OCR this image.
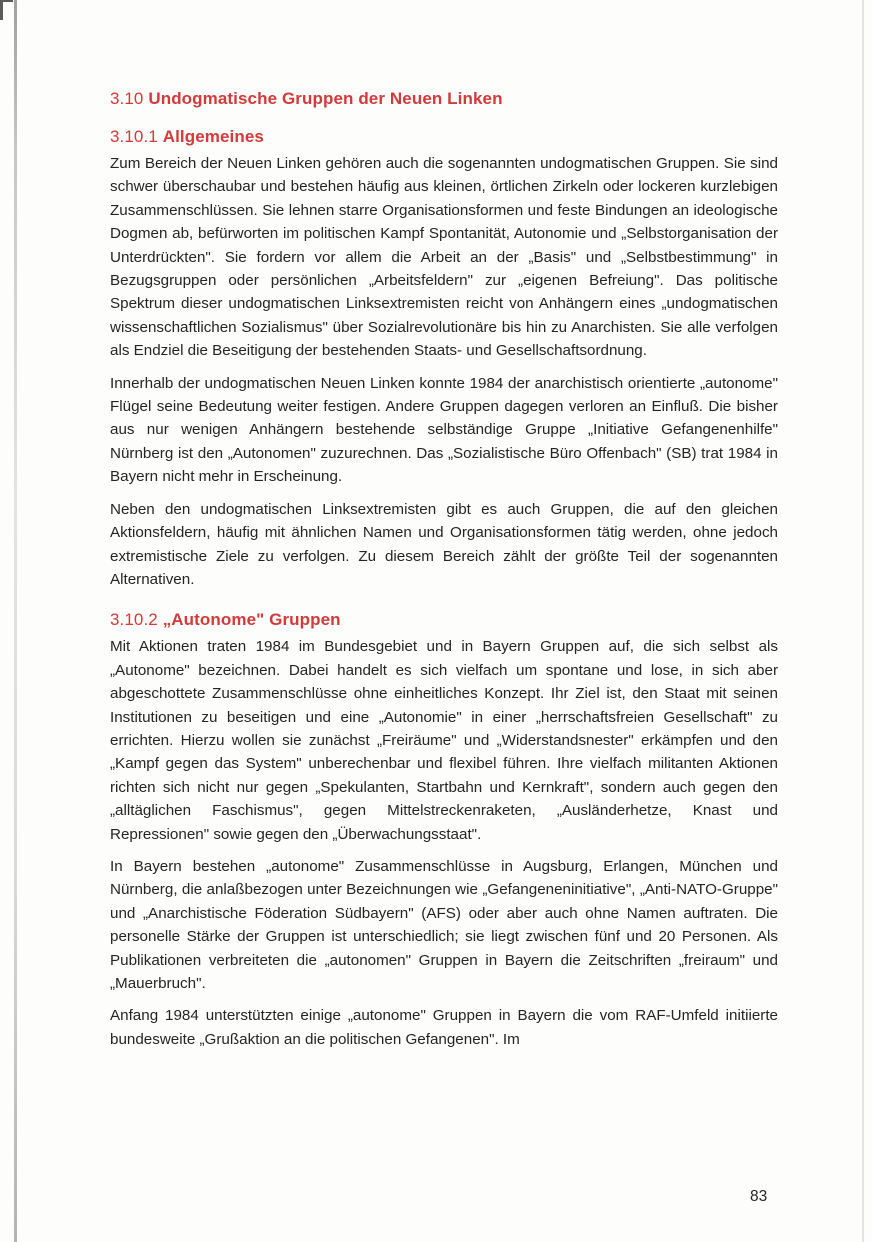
3.10 Undogmatische Gruppen der Neuen Linken
3.10.1 Allgemeines

Zum Bereich der Neuen Linken gehören auch die sogenannten undogmatischen Gruppen. Sie sind schwer überschaubar und bestehen häufig aus kleinen, örtlichen Zirkeln oder lockeren kurzlebigen Zusammenschlüssen. Sie lehnen starre Organisationsformen und feste Bindungen an ideologische Dogmen ab, befürworten im politischen Kampf Spontanität, Autonomie und „Selbstorganisation der Unterdrückten". Sie fordern vor allem die Arbeit an der „Basis" und „Selbstbestimmung" in Bezugsgruppen oder persönlichen „Arbeitsfeldern" zur „eigenen Befreiung". Das politische Spektrum dieser undogmatischen Linksextremisten reicht von Anhängern eines „undogmatischen wissenschaftlichen Sozialismus" über Sozialrevolutionäre bis hin zu Anarchisten. Sie alle verfolgen als Endziel die Beseitigung der bestehenden Staats- und Gesellschaftsordnung.

Innerhalb der undogmatischen Neuen Linken konnte 1984 der anarchistisch orientierte „autonome" Flügel seine Bedeutung weiter festigen. Andere Gruppen dagegen verloren an Einfluß. Die bisher aus nur wenigen Anhängern bestehende selbständige Gruppe „Initiative Gefangenenhilfe" Nürnberg ist den „Autonomen" zuzurechnen. Das „Sozialistische Büro Offenbach" (SB) trat 1984 in Bayern nicht mehr in Erscheinung.

Neben den undogmatischen Linksextremisten gibt es auch Gruppen, die auf den gleichen Aktionsfeldern, häufig mit ähnlichen Namen und Organisationsformen tätig werden, ohne jedoch extremistische Ziele zu verfolgen. Zu diesem Bereich zählt der größte Teil der sogenannten Alternativen.

3.10.2 „Autonome" Gruppen

Mit Aktionen traten 1984 im Bundesgebiet und in Bayern Gruppen auf, die sich selbst als „Autonome" bezeichnen. Dabei handelt es sich vielfach um spontane und lose, in sich aber abgeschottete Zusammenschlüsse ohne einheitliches Konzept. Ihr Ziel ist, den Staat mit seinen Institutionen zu beseitigen und eine „Autonomie" in einer „herrschaftsfreien Gesellschaft" zu errichten. Hierzu wollen sie zunächst „Freiräume" und „Widerstandsnester" erkämpfen und den „Kampf gegen das System" unberechenbar und flexibel führen. Ihre vielfach militanten Aktionen richten sich nicht nur gegen „Spekulanten, Startbahn und Kernkraft", sondern auch gegen den „alltäglichen Faschismus", gegen Mittelstreckenraketen, „Ausländerhetze, Knast und Repressionen" sowie gegen den „Überwachungsstaat".

In Bayern bestehen „autonome" Zusammenschlüsse in Augsburg, Erlangen, München und Nürnberg, die anlaßbezogen unter Bezeichnungen wie „Gefangeneninitiative", „Anti-NATO-Gruppe" und „Anarchistische Föderation Südbayern" (AFS) oder aber auch ohne Namen auftraten. Die personelle Stärke der Gruppen ist unterschiedlich; sie liegt zwischen fünf und 20 Personen. Als Publikationen verbreiteten die „autonomen" Gruppen in Bayern die Zeitschriften „freiraum" und „Mauerbruch".

Anfang 1984 unterstützten einige „autonome" Gruppen in Bayern die vom RAF-Umfeld initiierte bundesweite „Grußaktion an die politischen Gefangenen". Im

83
